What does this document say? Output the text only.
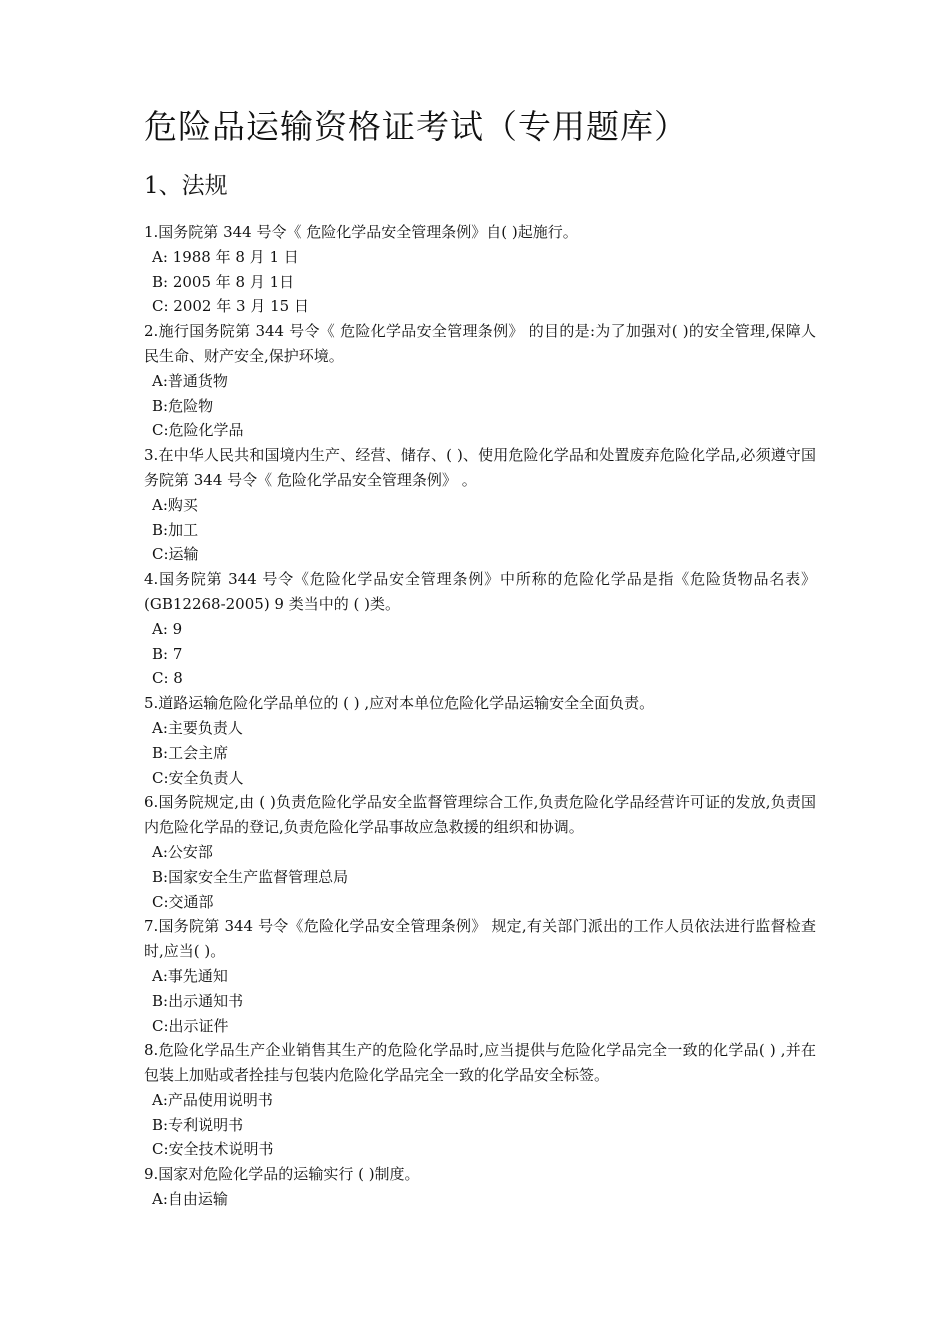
危险品运输资格证考试（专用题库）
1、法规

1.国务院第 344 号令《 危险化学品安全管理条例》自( )起施行。

A: 1988 年 8 月 1 日
B: 2005 年 8 月 1日
C: 2002 年 3 月 15 日

2.施行国务院第 344 号令《 危险化学品安全管理条例》 的目的是:为了加强对( )的安全管理,保障人民生命、财产安全,保护环境。

A:普通货物
B:危险物
C:危险化学品

3.在中华人民共和国境内生产、经营、储存、( )、使用危险化学品和处置废弃危险化学品,必须遵守国务院第 344 号令《 危险化学品安全管理条例》 。

A:购买
B:加工
C:运输

4.国务院第 344 号令《危险化学品安全管理条例》中所称的危险化学品是指《危险货物品名表》(GB12268-2005) 9 类当中的 ( )类。

A: 9
B: 7
C: 8

5.道路运输危险化学品单位的 ( ) ,应对本单位危险化学品运输安全全面负责。

A:主要负责人
B:工会主席
C:安全负责人

6.国务院规定,由 ( )负责危险化学品安全监督管理综合工作,负责危险化学品经营许可证的发放,负责国内危险化学品的登记,负责危险化学品事故应急救援的组织和协调。

A:公安部
B:国家安全生产监督管理总局
C:交通部

7.国务院第 344 号令《危险化学品安全管理条例》 规定,有关部门派出的工作人员依法进行监督检查时,应当( )。

A:事先通知
B:出示通知书
C:出示证件

8.危险化学品生产企业销售其生产的危险化学品时,应当提供与危险化学品完全一致的化学品( ) ,并在包装上加贴或者拴挂与包装内危险化学品完全一致的化学品安全标签。

A:产品使用说明书
B:专利说明书
C:安全技术说明书

9.国家对危险化学品的运输实行 ( )制度。

A:自由运输
